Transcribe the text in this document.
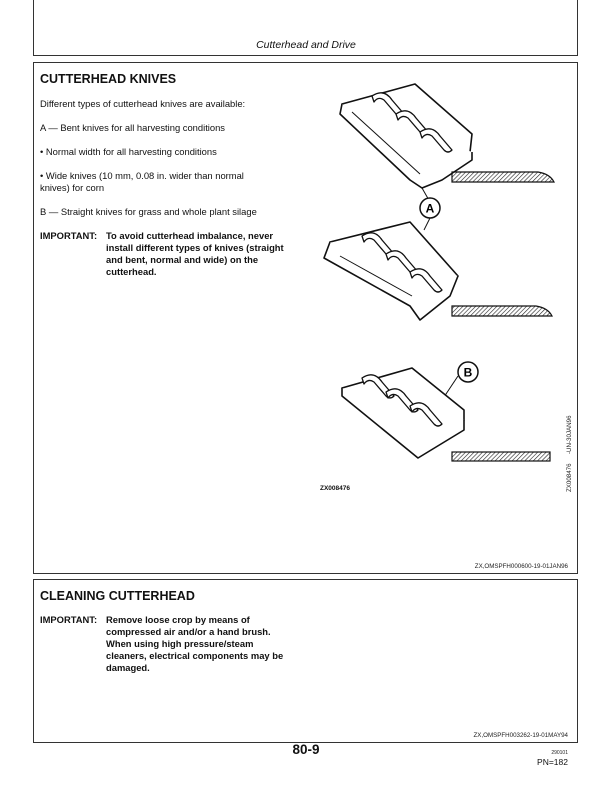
Cutterhead and Drive
CUTTERHEAD KNIVES
Different types of cutterhead knives are available:
A — Bent knives for all harvesting conditions
• Normal width for all harvesting conditions
• Wide knives (10 mm, 0.08 in. wider than normal
knives) for corn
B — Straight knives for grass and whole plant silage
IMPORTANT: To avoid cutterhead imbalance, never
install different types of knives (straight
and bent, normal and wide) on the
cutterhead.
A
B
ZX008476	ZX008476
-UN-30JAN96
ZX,OMSPFH000600-19-01JAN96
CLEANING CUTTERHEAD
IMPORTANT: Remove loose crop by means of
compressed air and/or a hand brush.
When using high pressure/steam
cleaners, electrical components may be
damaged.
ZX,OMSPFH003262-19-01MAY94
80-9	290101
PN=182
